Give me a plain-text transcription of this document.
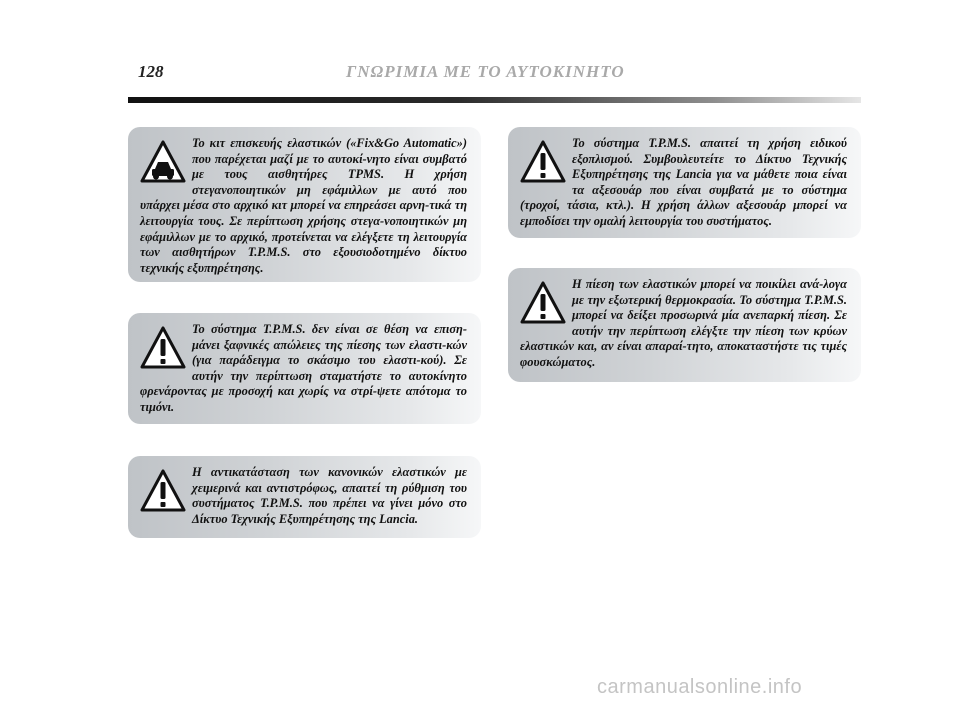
128	ΓΝΩΡΙΜΙΑ ΜΕ ΤΟ ΑΥΤΟΚΙΝΗΤΟ
Το κιτ επισκευής ελαστικών («Fix&Go Automatic») που παρέχεται μαζί με το αυτοκί-νητο είναι συμβατό με τους αισθητήρες TPMS. Η χρήση στεγανοποιητικών μη εφάμιλλων με αυτό που υπάρχει μέσα στο αρχικό κιτ μπορεί να επηρεάσει αρνη-τικά τη λειτουργία τους. Σε περίπτωση χρήσης στεγα-νοποιητικών μη εφάμιλλων με το αρχικό, προτείνεται να ελέγξετε τη λειτουργία των αισθητήρων T.P.M.S. στο εξουσιοδοτημένο δίκτυο τεχνικής εξυπηρέτησης.
Το σύστημα T.P.M.S. δεν είναι σε θέση να επιση-μάνει ξαφνικές απώλειες της πίεσης των ελαστι-κών (για παράδειγμα το σκάσιμο του ελαστι-κού). Σε αυτήν την περίπτωση σταματήστε το αυτοκίνητο φρενάροντας με προσοχή και χωρίς να στρί-ψετε απότομα το τιμόνι.
Η αντικατάσταση των κανονικών ελαστικών με χειμερινά και αντιστρόφως, απαιτεί τη ρύθμιση του συστήματος T.P.M.S. που πρέπει να γίνει μόνο στο Δίκτυο Τεχνικής Εξυπηρέτησης της Lancia.
Το σύστημα T.P.M.S. απαιτεί τη χρήση ειδικού εξοπλισμού. Συμβουλευτείτε το Δίκτυο Τεχνικής Εξυπηρέτησης της Lancia για να μάθετε ποια είναι τα αξεσουάρ που είναι συμβατά με το σύστημα (τροχοί, τάσια, κτλ.). Η χρήση άλλων αξεσουάρ μπορεί να εμποδίσει την ομαλή λειτουργία του συστήματος.
Η πίεση των ελαστικών μπορεί να ποικίλει ανά-λογα με την εξωτερική θερμοκρασία. Το σύστημα T.P.M.S. μπορεί να δείξει προσωρινά μία ανεπαρκή πίεση. Σε αυτήν την περίπτωση ελέγξτε την πίεση των κρύων ελαστικών και, αν είναι απαραί-τητο, αποκαταστήστε τις τιμές φουσκώματος.
carmanualsonline.info
